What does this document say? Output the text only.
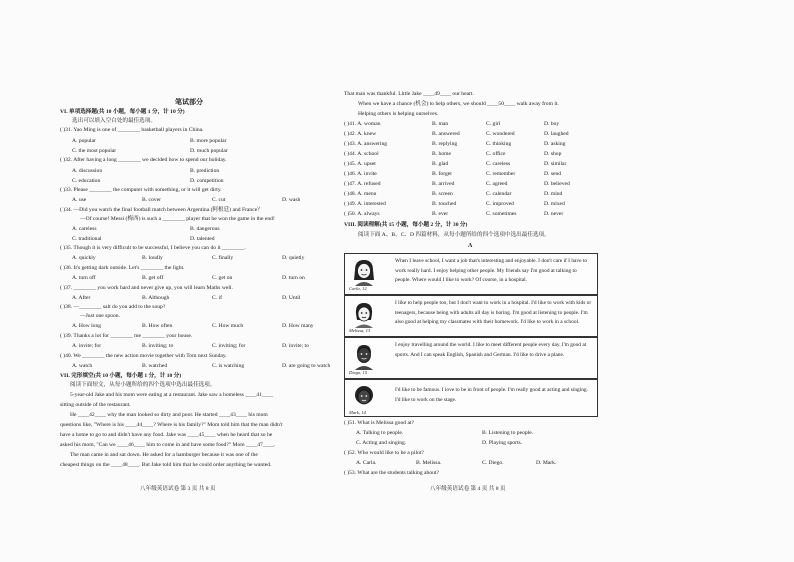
笔试部分
VI. 单项选择题(共 10 小题，每小题 1 分，计 10 分)
选出可以填入空白处的最佳选项。
( )31. Yao Ming is one of ________ basketball players in China.
A. popular	B. more popular
C. the most popular	D. much popular
( )32. After having a long ________ we decided how to spend our holiday.
A. discussion	B. prediction
C. education	D. competition
( )33. Please ________ the computer with something, or it will get dirty.
A. use	B. cover	C. cut	D. wash
( )34. —Did you watch the final football match between Argentina (阿根廷) and France？
—Of course! Messi (梅西) is such a ________ player that he won the game in the end!
A. careless	B. dangerous
C. traditional	D. talented
( )35. Though it is very difficult to be successful, I believe you can do it ________.
A. quickly	B. loudly	C. finally	D. quietly
( )36. It's getting dark outside. Let's ________ the light.
A. turn off	B. get off	C. get on	D. turn on
( )37. ________ you work hard and never give up, you will learn Maths well.
A. After	B. Although	C. if	D. Until
( )38. —________ salt do you add to the soup?
—Just one spoon.
A. How long	B. How often	C. How much	D. How many
( )39. Thanks a lot for ________ me ________ your house.
A. invite; for	B. inviting; to	C. inviting; for	D. invite; to
( )40. We ________ the new action movie together with Tom next Sunday.
A. watch	B. watched	C. is watching	D. are going to watch
VII. 完形填空(共 10 小题，每小题 1 分，计 10 分)
阅读下面短文，从每小题所给的四个选项中选出最佳选项。
5-year-old Jake and his mom were eating at a restaurant. Jake saw a homeless ____41____
sitting outside of the restaurant.
He ____42____ why the man looked so dirty and poor. He started ____43____ his mom
questions like, "Where is his ____44____? Where is his family?" Mom told him that the man didn't
have a home to go to and didn't have any food. Jake was ____45____ when he heard that so he
asked his mom, "Can we ____46____ him to come in and have some food?" Mom ____47____.
The man came in and sat down. He asked for a hamburger because it was one of the
cheapest things on the ____48____. But Jake told him that he could order anything he wanted.
八年级英语试卷 第 3 页 共 8 页
That man was thankful. Little Jake ____49____ our heart.
When we have a chance (机会) to help others, we should ____50____ walk away from it.
Helping others is helping ourselves.
( )41. A. woman	B. man	C. girl	D. boy
( )42. A. knew	B. answered	C. wondered	D. laughed
( )43. A. answering	B. replying	C. thinking	D. asking
( )44. A. school	B. home	C. office	D. shop
( )45. A. upset	B. glad	C. careless	D. similar
( )46. A. invite	B. forget	C. remember	D. send
( )47. A. refused	B. arrived	C. agreed	D. believed
( )48. A. menu	B. screen	C. calendar	D. mind
( )49. A. interested	B. touched	C. improved	D. mixed
( )50. A. always	B. ever	C. sometimes	D. never
VIII. 阅读理解(共 15 小题，每小题 2 分，计 30 分)
阅读下面 A、B、C、D 四篇材料，从每小题所给的四个选项中选出最佳选项。
A
Carla, 12
When I leave school, I want a job that's interesting and enjoyable. I don't care if I have to work really hard. I enjoy helping other people. My friends say I'm good at talking to people. Where would I like to work? Of course, in a hospital.
Melissa, 13
I like to help people too, but I don't want to work in a hospital. I'd like to work with kids or teenagers, because being with adults all day is boring. I'm good at listening to people. I'm also good at helping my classmates with their homework. I'd like to work in a school.
Diego, 15
I enjoy travelling around the world. I like to meet different people every day. I'm good at sports. And I can speak English, Spanish and German. I'd like to drive a plane.
Mark, 14
I'd like to be famous. I love to be in front of people. I'm really good at acting and singing. I'd like to work on the stage.
( )51. What is Melissa good at?
A. Talking to people.	B. Listening to people.
C. Acting and singing.	D. Playing sports.
( )52. Who would like to be a pilot?
A. Carla.	B. Melissa.	C. Diego.	D. Mark.
( )53. What are the students talking about?
八年级英语试卷 第 4 页 共 8 页
